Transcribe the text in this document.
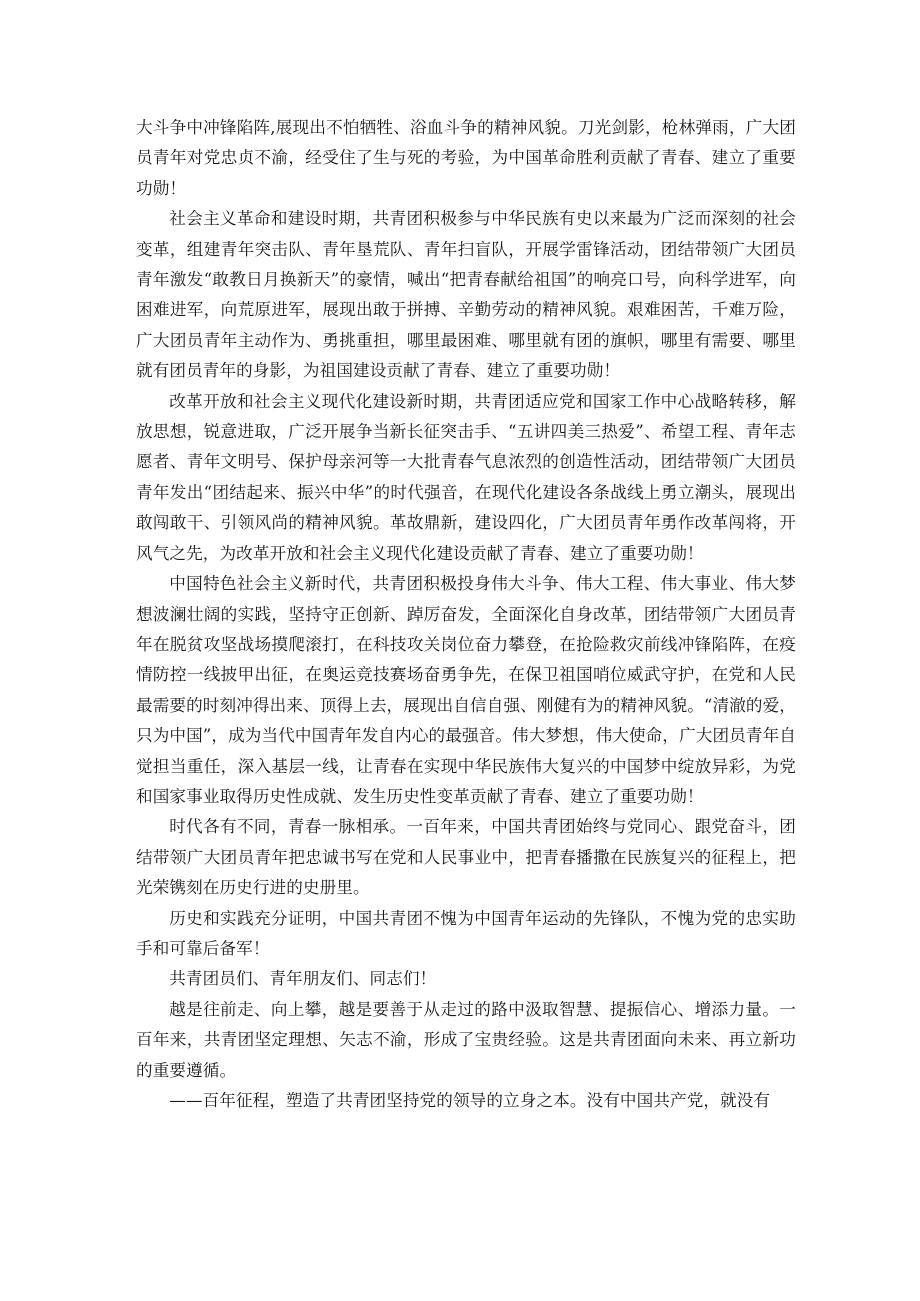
大斗争中冲锋陷阵,展现出不怕牺牲、浴血斗争的精神风貌。刀光剑影，枪林弹雨，广大团员青年对党忠贞不渝，经受住了生与死的考验，为中国革命胜利贡献了青春、建立了重要功勋！

社会主义革命和建设时期，共青团积极参与中华民族有史以来最为广泛而深刻的社会变革，组建青年突击队、青年垦荒队、青年扫盲队，开展学雷锋活动，团结带领广大团员青年激发“敢教日月换新天”的豪情，喊出“把青春献给祖国”的响亮口号，向科学进军，向困难进军，向荒原进军，展现出敢于拼搏、辛勤劳动的精神风貌。艰难困苦，千难万险，广大团员青年主动作为、勇挑重担，哪里最困难、哪里就有团的旗帜，哪里有需要、哪里就有团员青年的身影，为祖国建设贡献了青春、建立了重要功勋！

改革开放和社会主义现代化建设新时期，共青团适应党和国家工作中心战略转移，解放思想，锐意进取，广泛开展争当新长征突击手、“五讲四美三热爱”、希望工程、青年志愿者、青年文明号、保护母亲河等一大批青春气息浓烈的创造性活动，团结带领广大团员青年发出“团结起来、振兴中华”的时代强音，在现代化建设各条战线上勇立潮头，展现出敢闯敢干、引领风尚的精神风貌。革故鼎新，建设四化，广大团员青年勇作改革闯将，开风气之先，为改革开放和社会主义现代化建设贡献了青春、建立了重要功勋！

中国特色社会主义新时代，共青团积极投身伟大斗争、伟大工程、伟大事业、伟大梦想波澜壮阔的实践，坚持守正创新、踔厉奋发，全面深化自身改革，团结带领广大团员青年在脱贫攻坚战场摸爬滚打，在科技攻关岗位奋力攀登，在抢险救灾前线冲锋陷阵，在疫情防控一线披甲出征，在奥运竞技赛场奋勇争先，在保卫祖国哨位威武守护，在党和人民最需要的时刻冲得出来、顶得上去，展现出自信自强、刚健有为的精神风貌。“清澈的爱，只为中国”，成为当代中国青年发自内心的最强音。伟大梦想，伟大使命，广大团员青年自觉担当重任，深入基层一线，让青春在实现中华民族伟大复兴的中国梦中绽放异彩，为党和国家事业取得历史性成就、发生历史性变革贡献了青春、建立了重要功勋！

时代各有不同，青春一脉相承。一百年来，中国共青团始终与党同心、跟党奋斗，团结带领广大团员青年把忠诚书写在党和人民事业中，把青春播撒在民族复兴的征程上，把光荣镌刻在历史行进的史册里。

历史和实践充分证明，中国共青团不愧为中国青年运动的先锋队，不愧为党的忠实助手和可靠后备军！

共青团员们、青年朋友们、同志们！

越是往前走、向上攀，越是要善于从走过的路中汲取智慧、提振信心、增添力量。一百年来，共青团坚定理想、矢志不渝，形成了宝贵经验。这是共青团面向未来、再立新功的重要遵循。

——百年征程，塑造了共青团坚持党的领导的立身之本。没有中国共产党，就没有
